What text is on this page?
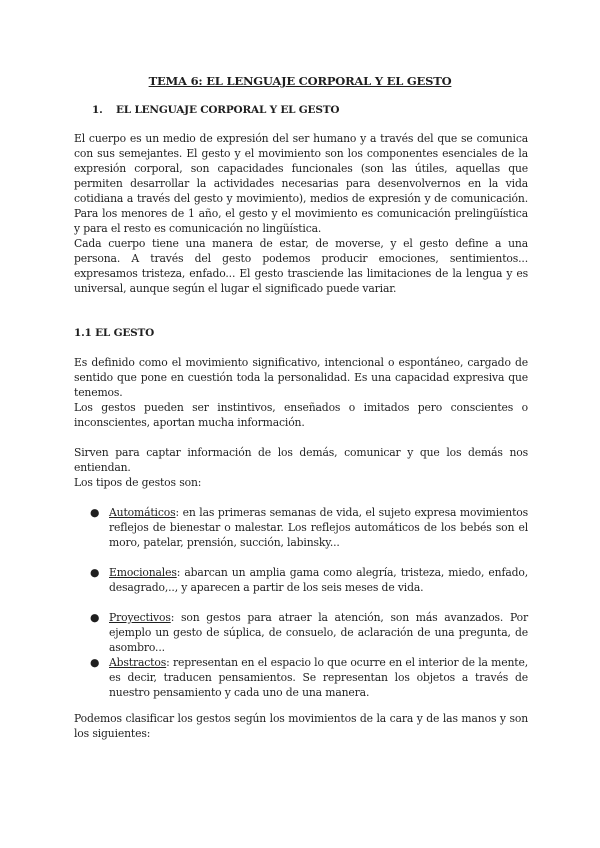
TEMA 6: EL LENGUAJE CORPORAL Y EL GESTO
1. EL LENGUAJE CORPORAL Y EL GESTO
El cuerpo es un medio de expresión del ser humano y a través del que se comunica con sus semejantes. El gesto y el movimiento son los componentes esenciales de la expresión corporal, son capacidades funcionales (son las útiles, aquellas que permiten desarrollar la actividades necesarias para desenvolvernos en la vida cotidiana a través del gesto y movimiento), medios de expresión y de comunicación. Para los menores de 1 año, el gesto y el movimiento es comunicación prelingüística y para el resto es comunicación no lingüística.
Cada cuerpo tiene una manera de estar, de moverse, y el gesto define a una persona. A través del gesto podemos producir emociones, sentimientos... expresamos tristeza, enfado... El gesto trasciende las limitaciones de la lengua y es universal, aunque según el lugar el significado puede variar.
1.1 EL GESTO
Es definido como el movimiento significativo, intencional o espontáneo, cargado de sentido que pone en cuestión toda la personalidad. Es una capacidad expresiva que tenemos.
Los gestos pueden ser instintivos, enseñados o imitados pero conscientes o inconscientes, aportan mucha información.
Sirven para captar información de los demás, comunicar y que los demás nos entiendan.
Los tipos de gestos son:
● Automáticos: en las primeras semanas de vida, el sujeto expresa movimientos reflejos de bienestar o malestar. Los reflejos automáticos de los bebés son el moro, patelar, prensión, succión, labinsky...
● Emocionales: abarcan un amplia gama como alegría, tristeza, miedo, enfado, desagrado,.., y aparecen a partir de los seis meses de vida.
● Proyectivos: son gestos para atraer la atención, son más avanzados. Por ejemplo un gesto de súplica, de consuelo, de aclaración de una pregunta, de asombro...
● Abstractos: representan en el espacio lo que ocurre en el interior de la mente, es decir, traducen pensamientos. Se representan los objetos a través de nuestro pensamiento y cada uno de una manera.
Podemos clasificar los gestos según los movimientos de la cara y de las manos y son los siguientes:
